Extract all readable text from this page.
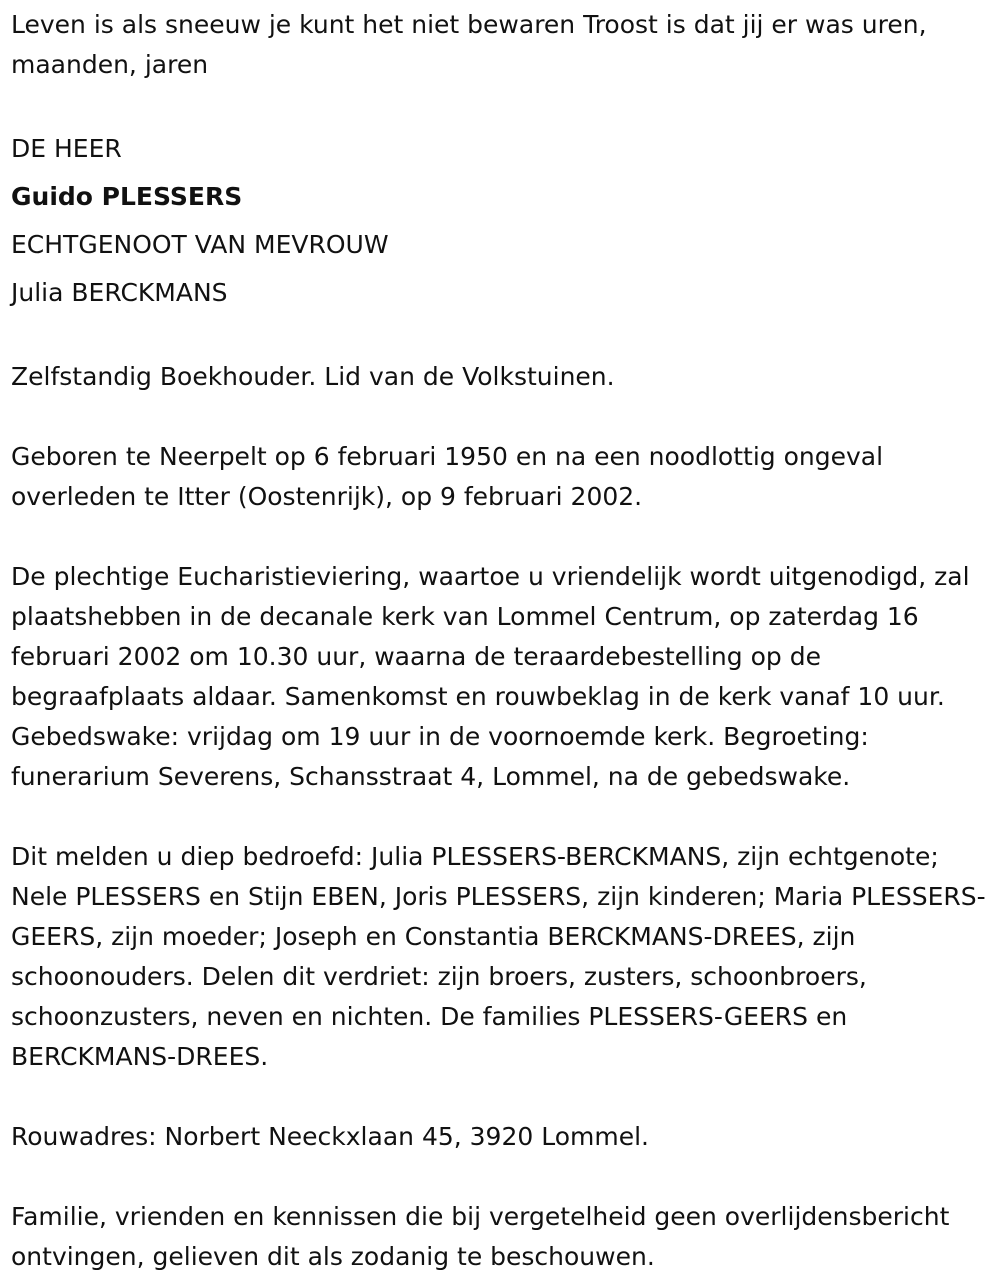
Leven is als sneeuw je kunt het niet bewaren Troost is dat jij er was uren, maanden, jaren

DE HEER

Guido PLESSERS

ECHTGENOOT VAN MEVROUW

Julia BERCKMANS

Zelfstandig Boekhouder. Lid van de Volkstuinen.

Geboren te Neerpelt op 6 februari 1950 en na een noodlottig ongeval overleden te Itter (Oostenrijk), op 9 februari 2002.

De plechtige Eucharistieviering, waartoe u vriendelijk wordt uitgenodigd, zal plaatshebben in de decanale kerk van Lommel Centrum, op zaterdag 16 februari 2002 om 10.30 uur, waarna de teraardebestelling op de begraafplaats aldaar. Samenkomst en rouwbeklag in de kerk vanaf 10 uur. Gebedswake: vrijdag om 19 uur in de voornoemde kerk. Begroeting: funerarium Severens, Schansstraat 4, Lommel, na de gebedswake.

Dit melden u diep bedroefd: Julia PLESSERS-BERCKMANS, zijn echtgenote; Nele PLESSERS en Stijn EBEN, Joris PLESSERS, zijn kinderen; Maria PLESSERS-GEERS, zijn moeder; Joseph en Constantia BERCKMANS-DREES, zijn schoonouders. Delen dit verdriet: zijn broers, zusters, schoonbroers, schoonzusters, neven en nichten. De families PLESSERS-GEERS en BERCKMANS-DREES.

Rouwadres: Norbert Neeckxlaan 45, 3920 Lommel.

Familie, vrienden en kennissen die bij vergetelheid geen overlijdensbericht ontvingen, gelieven dit als zodanig te beschouwen.
